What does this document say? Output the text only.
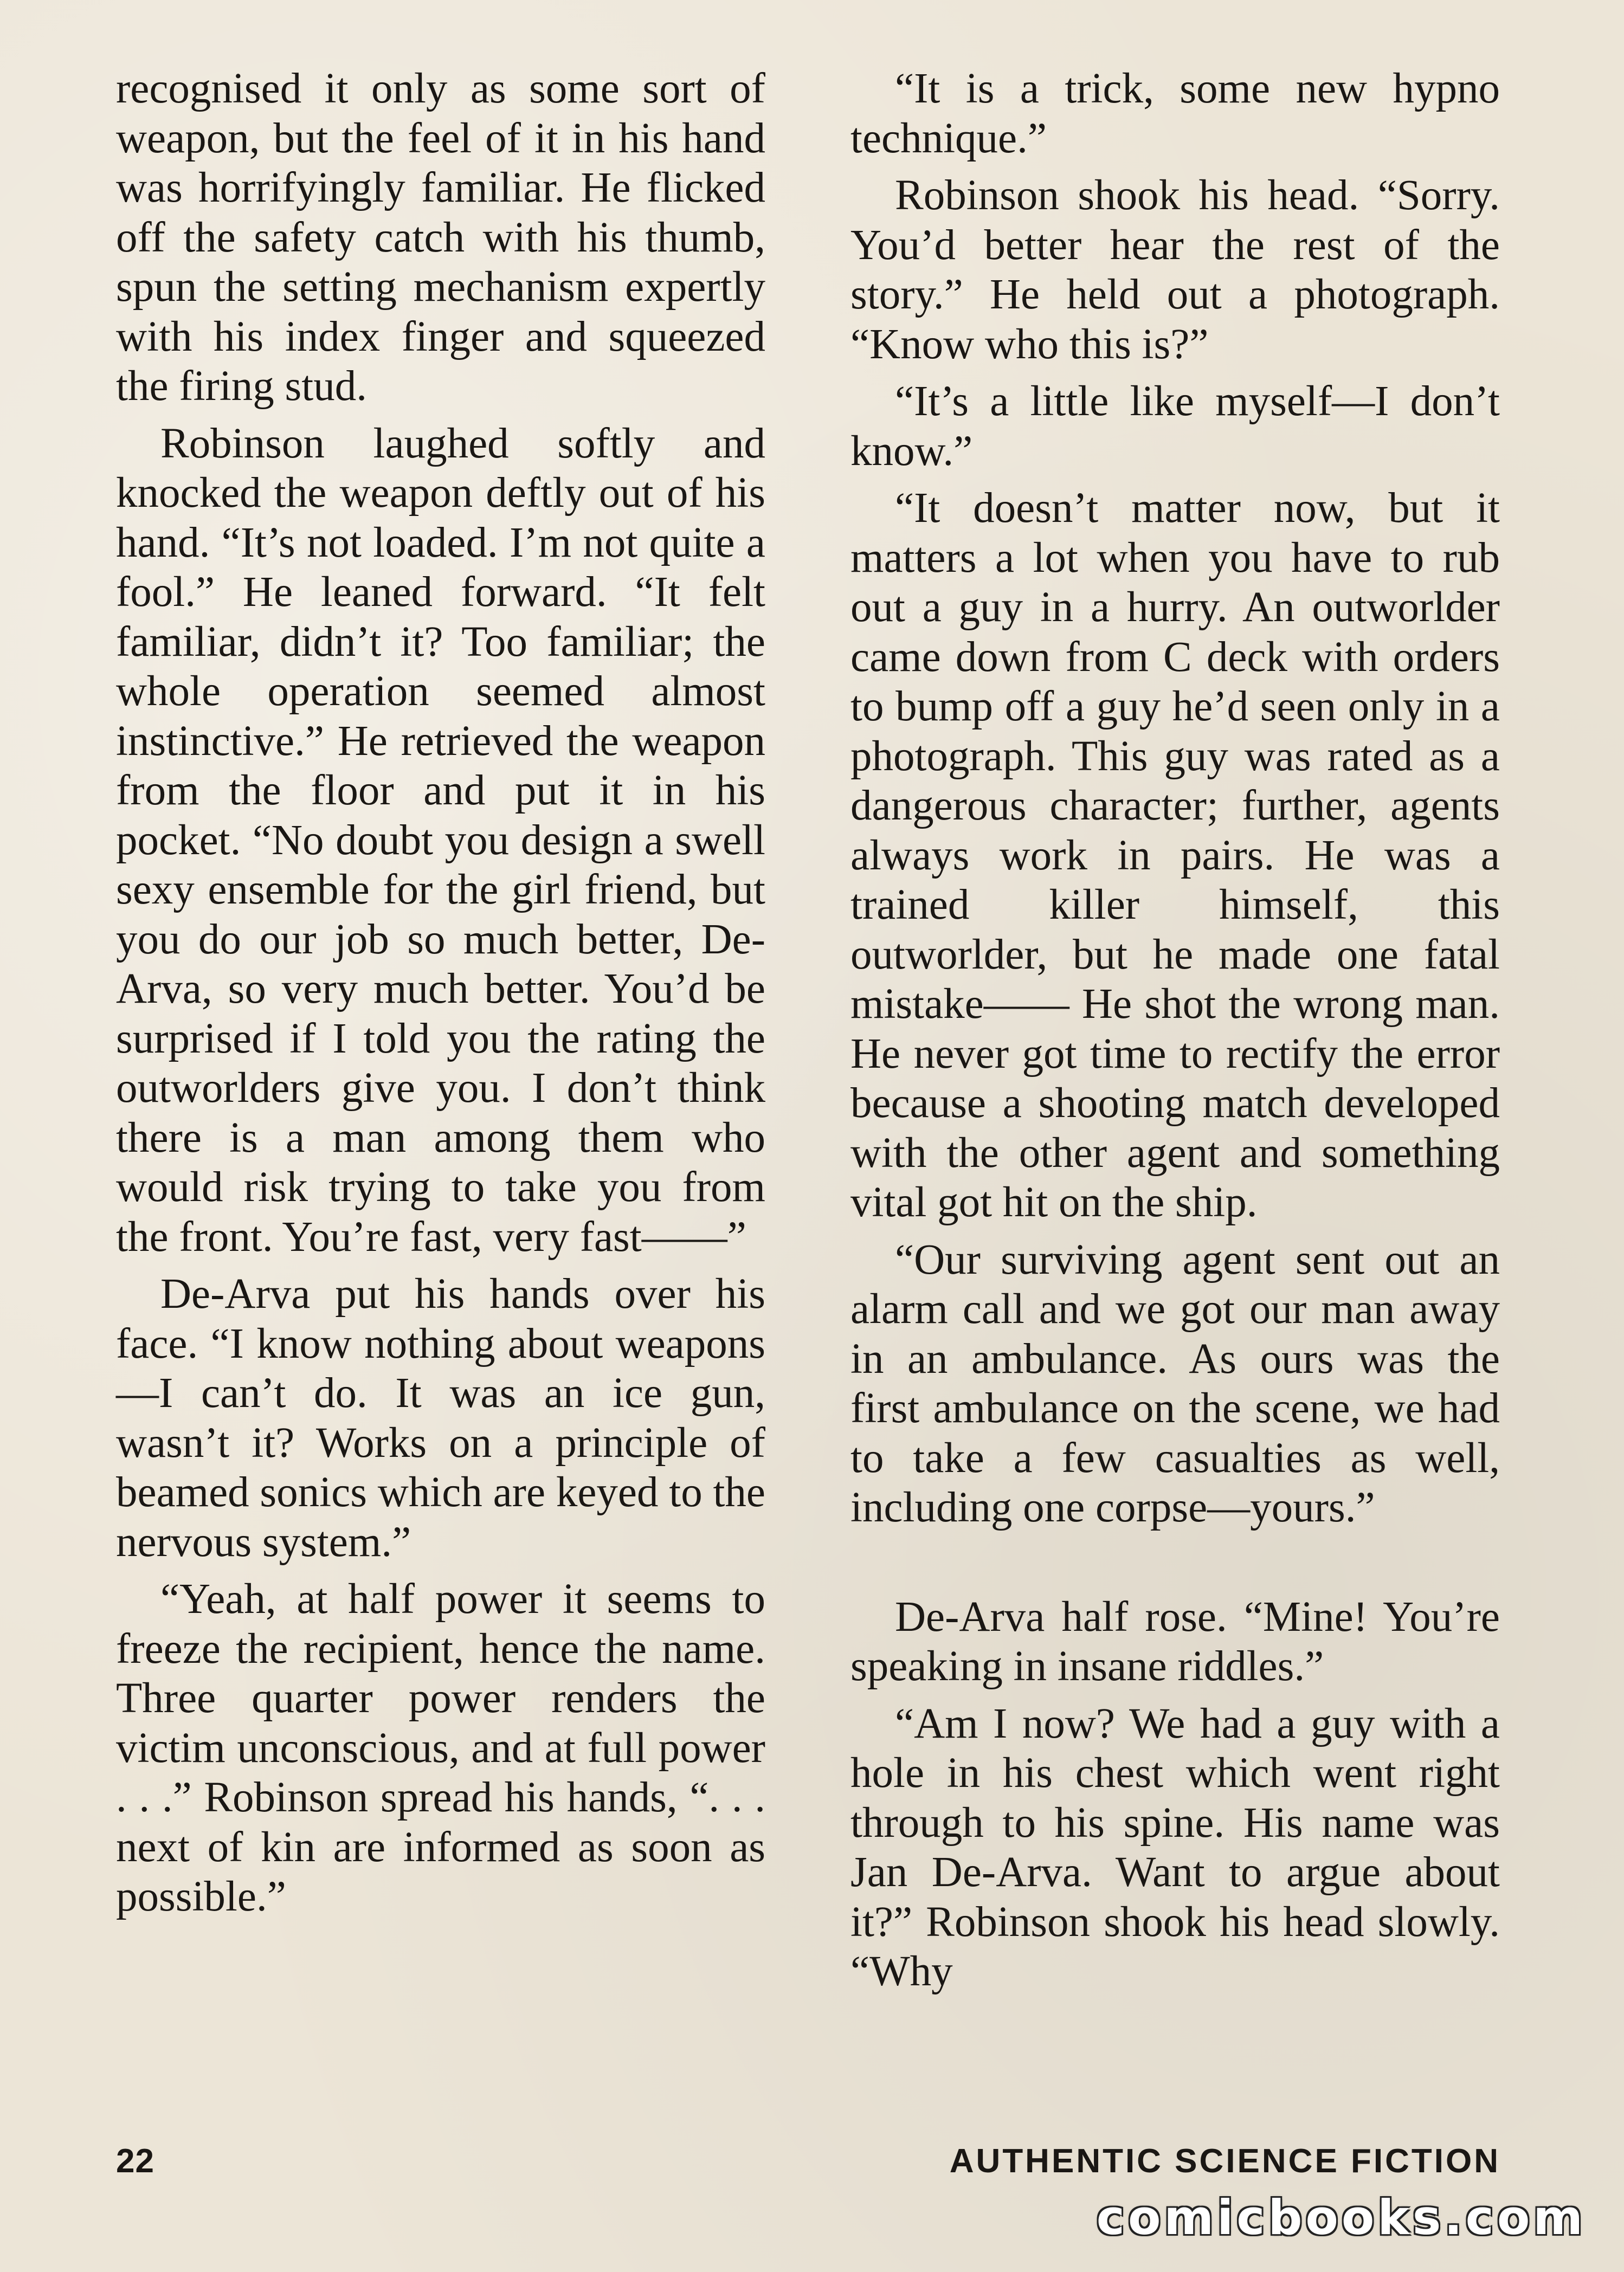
recognised it only as some sort of weapon, but the feel of it in his hand was horrifyingly familiar. He flicked off the safety catch with his thumb, spun the setting mechanism expertly with his index finger and squeezed the firing stud.

Robinson laughed softly and knocked the weapon deftly out of his hand. “It’s not loaded. I’m not quite a fool.” He leaned forward. “It felt familiar, didn’t it? Too familiar; the whole operation seemed almost instinctive.” He retrieved the weapon from the floor and put it in his pocket. “No doubt you design a swell sexy ensemble for the girl friend, but you do our job so much better, De-Arva, so very much better. You’d be surprised if I told you the rating the outworlders give you. I don’t think there is a man among them who would risk trying to take you from the front. You’re fast, very fast——”

De-Arva put his hands over his face. “I know nothing about weapons—I can’t do. It was an ice gun, wasn’t it? Works on a principle of beamed sonics which are keyed to the nervous system.”

“Yeah, at half power it seems to freeze the recipient, hence the name. Three quarter power renders the victim unconscious, and at full power . . .” Robinson spread his hands, “. . . next of kin are informed as soon as possible.”

“It is a trick, some new hypno technique.”

Robinson shook his head. “Sorry. You’d better hear the rest of the story.” He held out a photograph. “Know who this is?”

“It’s a little like myself—I don’t know.”

“It doesn’t matter now, but it matters a lot when you have to rub out a guy in a hurry. An outworlder came down from C deck with orders to bump off a guy he’d seen only in a photograph. This guy was rated as a dangerous character; further, agents always work in pairs. He was a trained killer himself, this outworlder, but he made one fatal mistake—— He shot the wrong man. He never got time to rectify the error because a shooting match developed with the other agent and something vital got hit on the ship.

“Our surviving agent sent out an alarm call and we got our man away in an ambulance. As ours was the first ambulance on the scene, we had to take a few casualties as well, including one corpse—yours.”

De-Arva half rose. “Mine! You’re speaking in insane riddles.”

“Am I now? We had a guy with a hole in his chest which went right through to his spine. His name was Jan De-Arva. Want to argue about it?” Robinson shook his head slowly. “Why

22	AUTHENTIC SCIENCE FICTION
comicbooks.com
